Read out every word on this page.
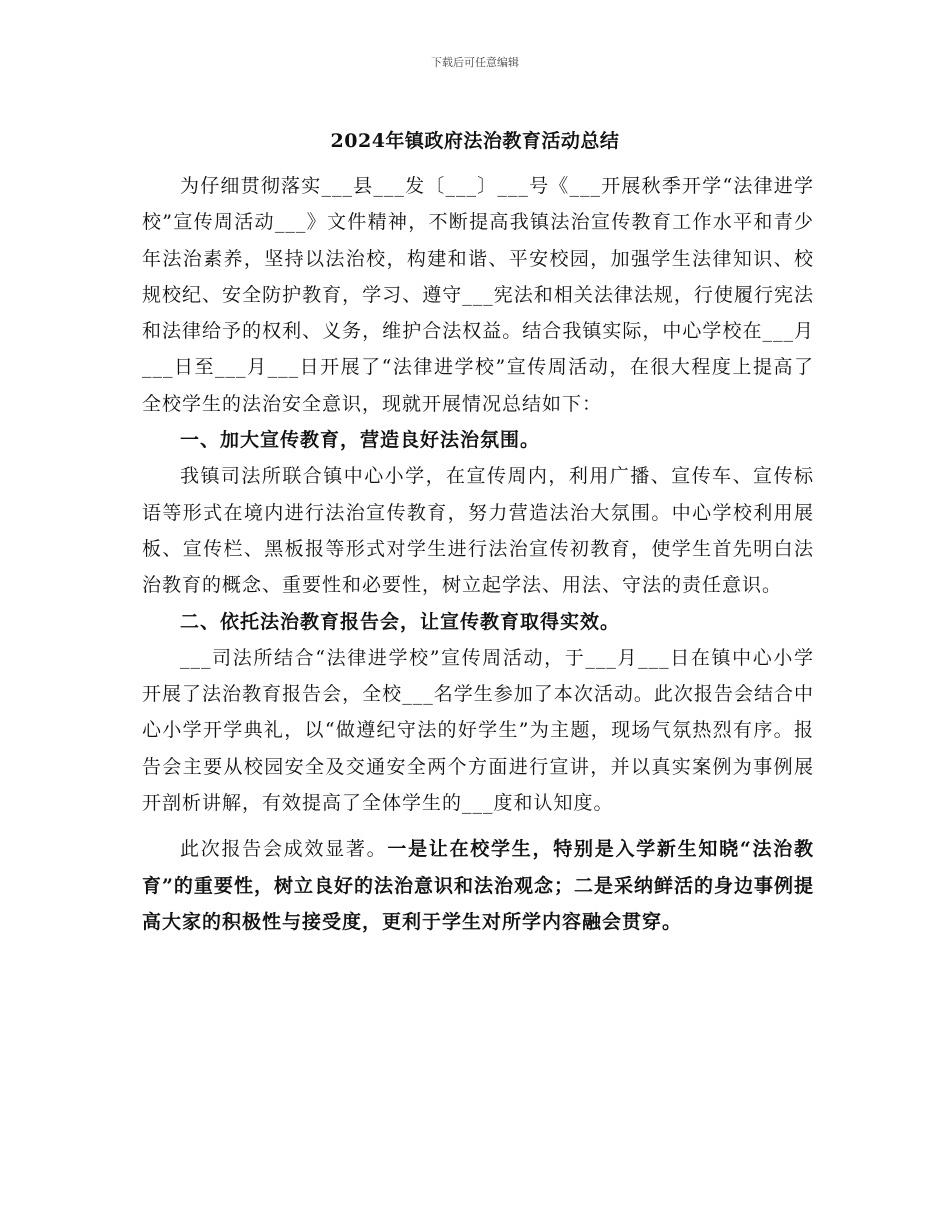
下载后可任意编辑
2024年镇政府法治教育活动总结

为仔细贯彻落实___县___发〔___〕___号《___开展秋季开学“法律进学校”宣传周活动___》文件精神，不断提高我镇法治宣传教育工作水平和青少年法治素养，坚持以法治校，构建和谐、平安校园，加强学生法律知识、校规校纪、安全防护教育，学习、遵守___宪法和相关法律法规，行使履行宪法和法律给予的权利、义务，维护合法权益。结合我镇实际，中心学校在___月___日至___月___日开展了“法律进学校”宣传周活动，在很大程度上提高了全校学生的法治安全意识，现就开展情况总结如下：

一、加大宣传教育，营造良好法治氛围。

我镇司法所联合镇中心小学，在宣传周内，利用广播、宣传车、宣传标语等形式在境内进行法治宣传教育，努力营造法治大氛围。中心学校利用展板、宣传栏、黑板报等形式对学生进行法治宣传初教育，使学生首先明白法治教育的概念、重要性和必要性，树立起学法、用法、守法的责任意识。

二、依托法治教育报告会，让宣传教育取得实效。

___司法所结合“法律进学校”宣传周活动，于___月___日在镇中心小学开展了法治教育报告会，全校___名学生参加了本次活动。此次报告会结合中心小学开学典礼，以“做遵纪守法的好学生”为主题，现场气氛热烈有序。报告会主要从校园安全及交通安全两个方面进行宣讲，并以真实案例为事例展开剖析讲解，有效提高了全体学生的___度和认知度。

此次报告会成效显著。一是让在校学生，特别是入学新生知晓“法治教育”的重要性，树立良好的法治意识和法治观念；二是采纳鲜活的身边事例提高大家的积极性与接受度，更利于学生对所学内容融会贯穿。
